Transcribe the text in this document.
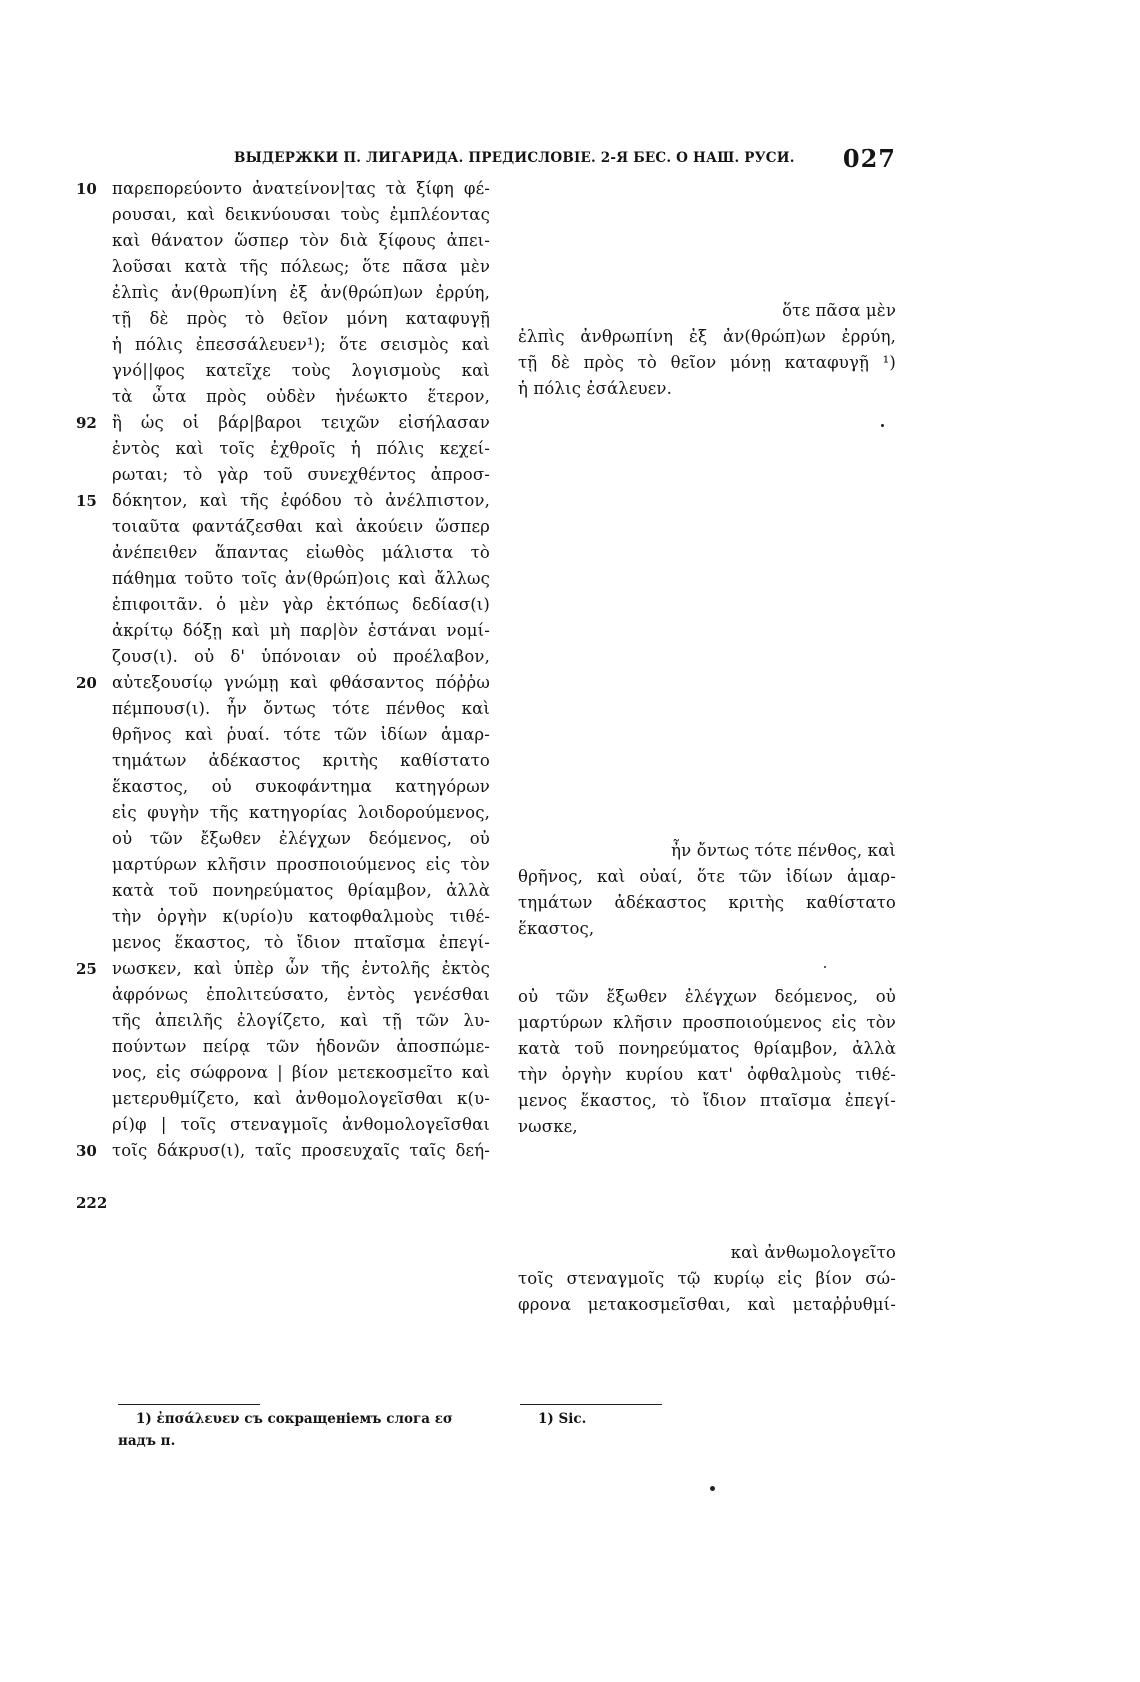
ВЫДЕРЖКИ П. ЛИГАРИДА. ПРЕДИСЛОВІЕ. 2-Я БЕС. О НАШ. РУСИ. 027
10
92
15
20
25
30
222
παρεπορεύοντο ἀνατείνον|τας τὰ ξίφη φέ-
ρουσαι, καὶ δεικνύουσαι τοὺς ἐμπλέοντας
καὶ θάνατον ὥσπερ τὸν διὰ ξίφους ἀπει-
λοῦσαι κατὰ τῆς πόλεως; ὅτε πᾶσα μὲν
ἐλπὶς ἀν(θρωπ)ίνη ἐξ ἀν(θρώπ)ων ἐρρύη,
τῇ δὲ πρὸς τὸ θεῖον μόνη καταφυγῇ
ἡ πόλις ἐπεσσάλευεν¹); ὅτε σεισμὸς καὶ
γνό||φος κατεῖχε τοὺς λογισμοὺς καὶ
τὰ ὦτα πρὸς οὐδὲν ἠνέωκτο ἕτερον,
ἢ ὡς οἱ βάρ|βαροι τειχῶν εἰσήλασαν
ἐντὸς καὶ τοῖς ἐχθροῖς ἡ πόλις κεχεί-
ρωται; τὸ γὰρ τοῦ συνεχθέντος ἀπροσ-
δόκητον, καὶ τῆς ἐφόδου τὸ ἀνέλπιστον,
τοιαῦτα φαντάζεσθαι καὶ ἀκούειν ὥσπερ
ἀνέπειθεν ἅπαντας εἰωθὸς μάλιστα τὸ
πάθημα τοῦτο τοῖς ἀν(θρώπ)οις καὶ ἄλλως
ἐπιφοιτᾶν. ὁ μὲν γὰρ ἐκτόπως δεδίασ(ι)
ἀκρίτῳ δόξῃ καὶ μὴ παρ|ὸν ἑστάναι νομί-
ζουσ(ι). οὐ δ' ὑπόνοιαν οὐ προέλαβον,
αὐτεξουσίῳ γνώμῃ καὶ φθάσαντος πόῤῥω
πέμπουσ(ι). ἦν ὄντως τότε πένθος καὶ
θρῆνος καὶ ῥυαί. τότε τῶν ἰδίων ἁμαρ-
τημάτων ἀδέκαστος κριτὴς καθίστατο
ἕκαστος, οὐ συκοφάντημα κατηγόρων
εἰς φυγὴν τῆς κατηγορίας λοιδορούμενος,
οὐ τῶν ἔξωθεν ἐλέγχων δεόμενος, οὐ
μαρτύρων κλῆσιν προσποιούμενος εἰς τὸν
κατὰ τοῦ πονηρεύματος θρίαμβον, ἀλλὰ
τὴν ὀργὴν κ(υρίο)υ κατοφθαλμοὺς τιθέ-
μενος ἕκαστος, τὸ ἴδιον πταῖσμα ἐπεγί-
νωσκεν, καὶ ὑπὲρ ὧν τῆς ἐντολῆς ἐκτὸς
ἀφρόνως ἐπολιτεύσατο, ἐντὸς γενέσθαι
τῆς ἀπειλῆς ἐλογίζετο, καὶ τῇ τῶν λυ-
πούντων πείρᾳ τῶν ἡδονῶν ἀποσπώμε-
νος, εἰς σώφρονα | βίον μετεκοσμεῖτο καὶ
μετερυθμίζετο, καὶ ἀνθομολογεῖσθαι κ(υ-
ρί)φ | τοῖς στεναγμοῖς ἀνθομολογεῖσθαι
τοῖς δάκρυσ(ι), ταῖς προσευχαῖς ταῖς δεή-
ὅτε πᾶσα μὲν
ἐλπὶς ἀνθρωπίνη ἐξ ἀν(θρώπ)ων ἐρρύη,
τῇ δὲ πρὸς τὸ θεῖον μόνῃ καταφυγῇ ¹)
ἡ πόλις ἐσάλευεν.
ἦν ὄντως τότε πένθος, καὶ
θρῆνος, καὶ οὐαί, ὅτε τῶν ἰδίων ἁμαρ-
τημάτων ἀδέκαστος κριτὴς καθίστατο
ἕκαστος,
οὐ τῶν ἔξωθεν ἐλέγχων δεόμενος, οὐ
μαρτύρων κλῆσιν προσποιούμενος εἰς τὸν
κατὰ τοῦ πονηρεύματος θρίαμβον, ἀλλὰ
τὴν ὀργὴν κυρίου κατ' ὀφθαλμοὺς τιθέ-
μενος ἕκαστος, τὸ ἴδιον πταῖσμα ἐπεγί-
νωσκε,
καὶ ἀνθωμολογεῖτο
τοῖς στεναγμοῖς τῷ κυρίῳ εἰς βίον σώ-
φρονα μετακοσμεῖσθαι, καὶ μεταῤῥυθμί-
1) ἐπσάλευεν съ сокращеніемъ слога εσ
надъ π.
1) Sic.
